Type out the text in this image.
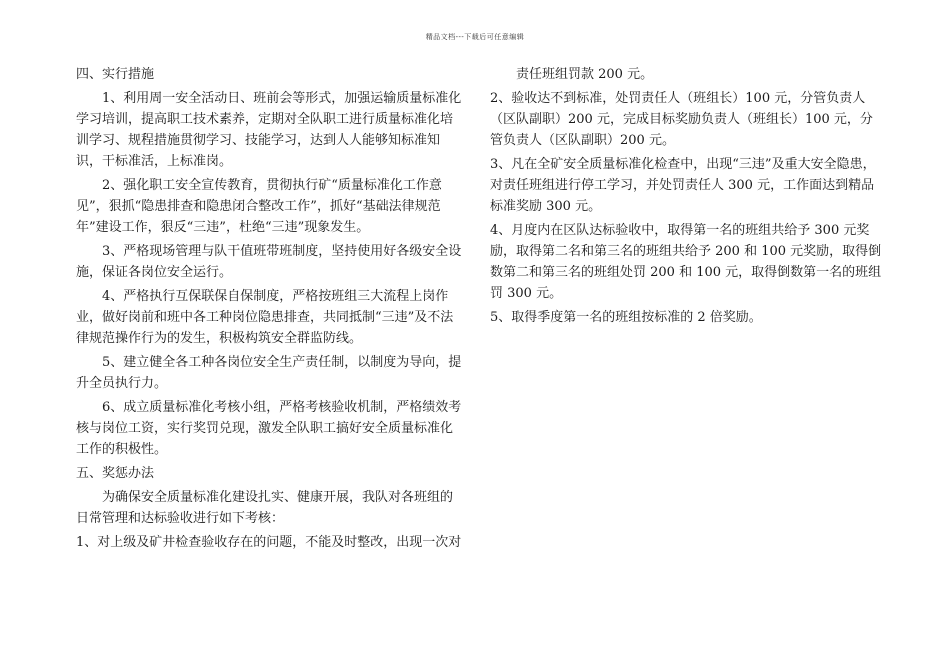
精品文档---下载后可任意编辑
四、实行措施
1、利用周一安全活动日、班前会等形式，加强运输质量标准化学习培训，提高职工技术素养，定期对全队职工进行质量标准化培训学习、规程措施贯彻学习、技能学习，达到人人能够知标准知识，干标准活，上标准岗。
2、强化职工安全宣传教育，贯彻执行矿“质量标准化工作意见”，狠抓“隐患排查和隐患闭合整改工作”，抓好“基础法律规范年”建设工作，狠反“三违”，杜绝“三违”现象发生。
3、严格现场管理与队干值班带班制度，坚持使用好各级安全设施，保证各岗位安全运行。
4、严格执行互保联保自保制度，严格按班组三大流程上岗作业，做好岗前和班中各工种岗位隐患排查，共同抵制“三违”及不法律规范操作行为的发生，积极构筑安全群监防线。
5、建立健全各工种各岗位安全生产责任制，以制度为导向，提升全员执行力。
6、成立质量标准化考核小组，严格考核验收机制，严格绩效考核与岗位工资，实行奖罚兑现，激发全队职工搞好安全质量标准化工作的积极性。
五、奖惩办法
为确保安全质量标准化建设扎实、健康开展，我队对各班组的日常管理和达标验收进行如下考核：
1、对上级及矿井检查验收存在的问题，不能及时整改，出现一次对
责任班组罚款 200 元。
2、验收达不到标准，处罚责任人（班组长）100 元，分管负责人（区队副职）200 元，完成目标奖励负责人（班组长）100 元，分管负责人（区队副职）200 元。
3、凡在全矿安全质量标准化检查中，出现“三违”及重大安全隐患，对责任班组进行停工学习，并处罚责任人 300 元，工作面达到精品标准奖励 300 元。
4、月度内在区队达标验收中，取得第一名的班组共给予 300 元奖励，取得第二名和第三名的班组共给予 200 和 100 元奖励，取得倒数第二和第三名的班组处罚 200 和 100 元，取得倒数第一名的班组罚 300 元。
5、取得季度第一名的班组按标准的 2 倍奖励。
